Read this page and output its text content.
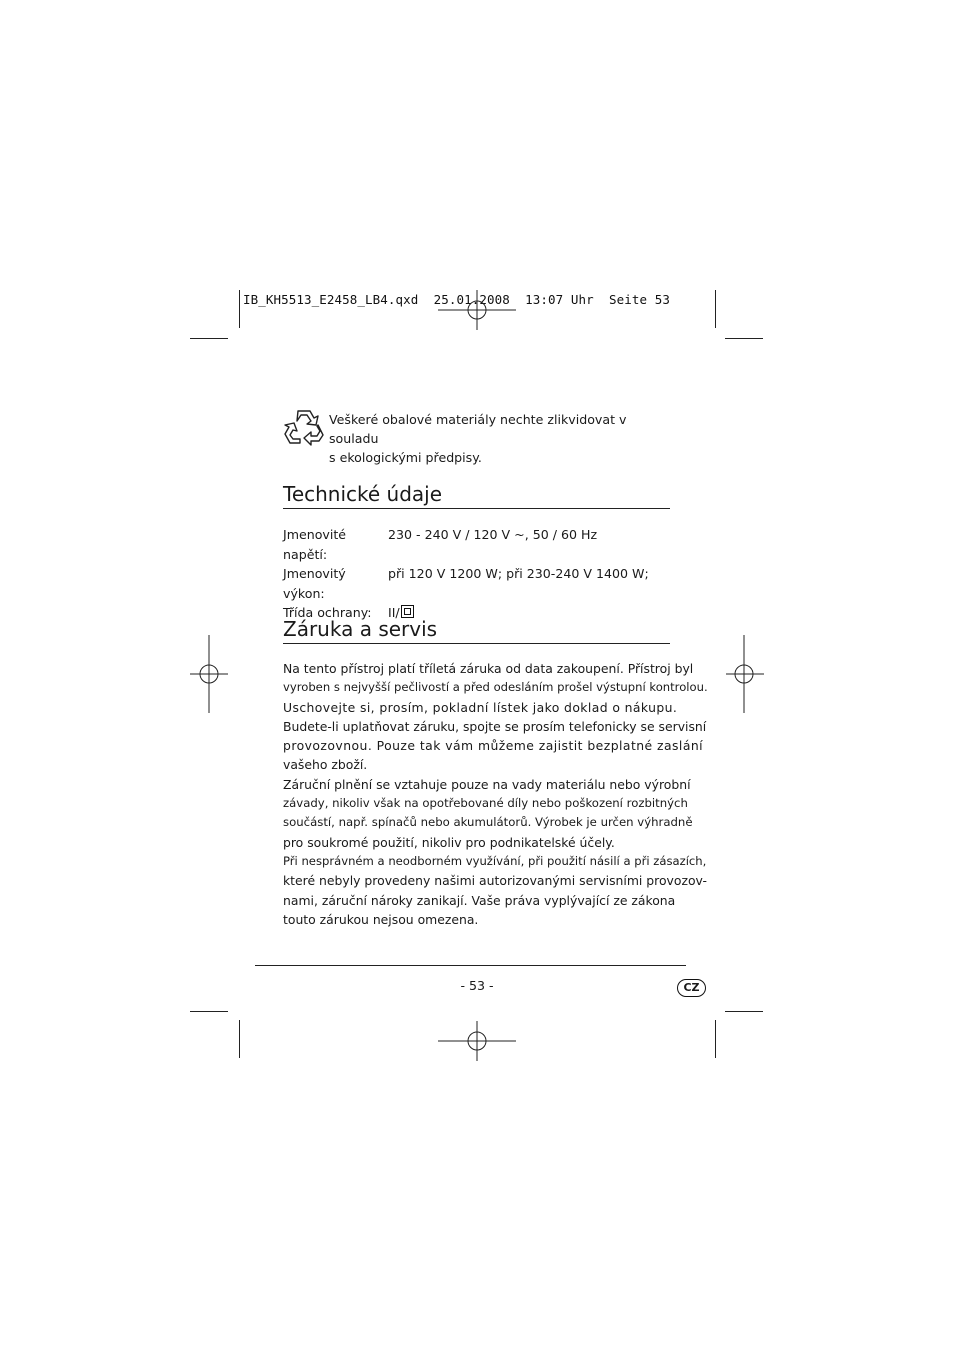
IB_KH5513_E2458_LB4.qxd  25.01.2008  13:07 Uhr  Seite 53
Veškeré obalové materiály nechte zlikvidovat v souladu
s ekologickými předpisy.
Technické údaje
Jmenovité napětí:
230 - 240 V / 120 V ~, 50 / 60 Hz
Jmenovitý výkon:
při 120 V 1200 W; při 230-240 V 1400 W;
Třída ochrany:	II/
Záruka a servis
Na tento přístroj platí tříletá záruka od data zakoupení. Přístroj byl
vyroben s nejvyšší pečlivostí a před odesláním prošel výstupní kontrolou.
Uschovejte si, prosím, pokladní lístek jako doklad o nákupu.
Budete-li uplatňovat záruku, spojte se prosím telefonicky se servisní
provozovnou. Pouze tak vám můžeme zajistit bezplatné zaslání
vašeho zboží.
Záruční plnění se vztahuje pouze na vady materiálu nebo výrobní
závady, nikoliv však na opotřebované díly nebo poškození rozbitných
součástí, např. spínačů nebo akumulátorů. Výrobek je určen výhradně
pro soukromé použití, nikoliv pro podnikatelské účely.
Při nesprávném a neodborném využívání, při použití násilí a při zásazích,
které nebyly provedeny našimi autorizovanými servisními provozov-
nami, záruční nároky zanikají. Vaše práva vyplývající ze zákona
touto zárukou nejsou omezena.
- 53 -	CZ
